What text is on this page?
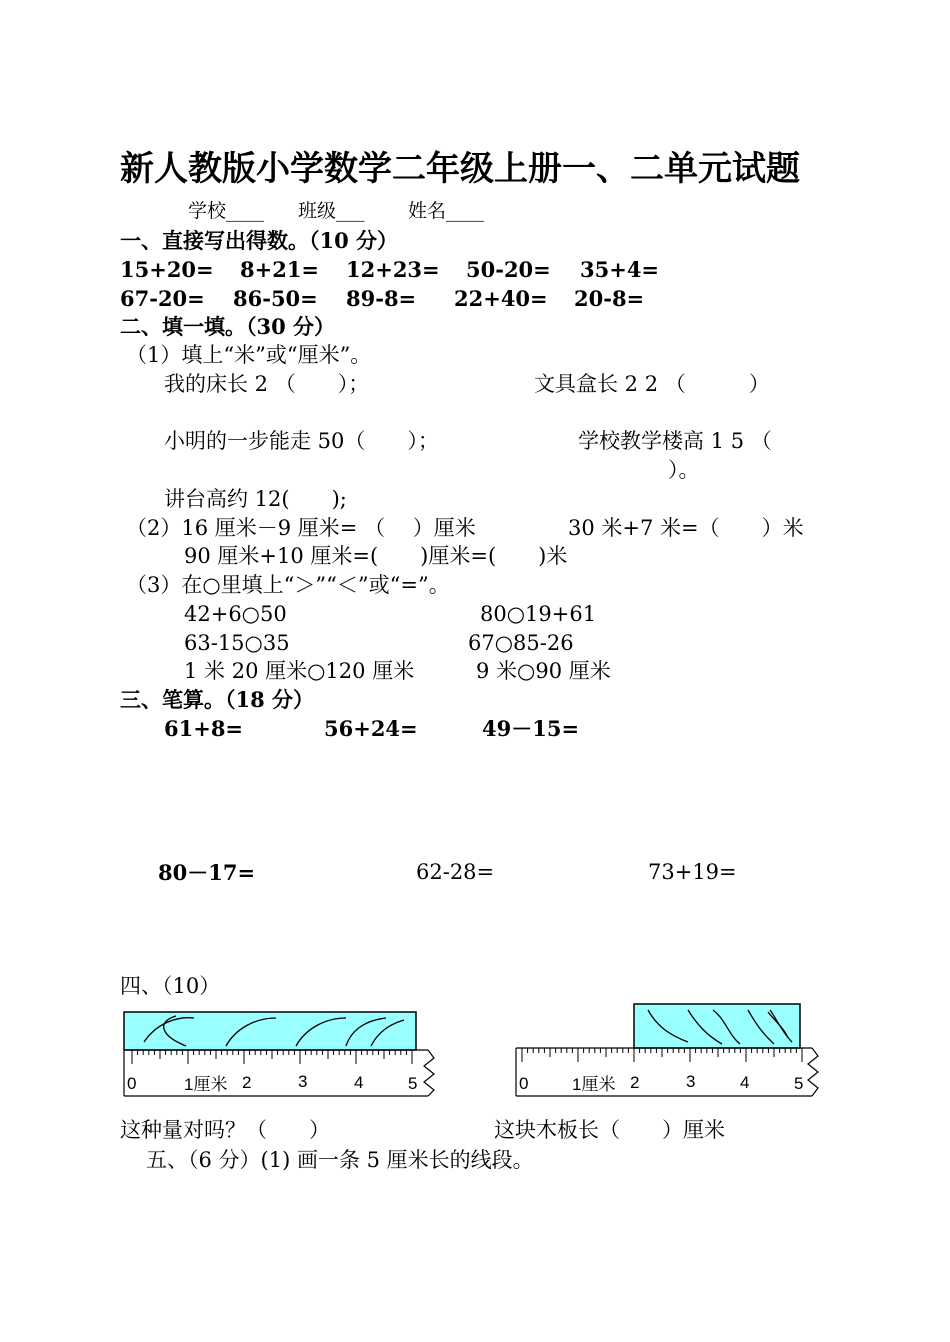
新人教版小学数学二年级上册一、二单元试题
学校____ 班级___ 姓名____
一、直接写出得数。（10 分）
15+20= 8+21= 12+23= 50-20= 35+4=
67-20= 86-50= 89-8= 22+40= 20-8=
二、填一填。（30 分）
（1）填上“米”或“厘米”。
我的床长 2 （　　）；	文具盒长 2 2 （　　　）
小明的一步能走 50（　　）；	学校教学楼高 1 5 （
）。
讲台高约 12(　　);
（2）16 厘米－9 厘米= （　 ）厘米	30 米+7 米=（　　）米
90 厘米+10 厘米=(　　)厘米=(　　)米
（3）在○里填上“＞”“＜”或“=”。
42+6○50	80○19+61
63-15○35	67○85-26
1 米 20 厘米○120 厘米	9 米○90 厘米
三、笔算。（18 分）
61+8=	56+24=	49－15=
80－17=	62-28=	73+19=
四、（10）
0	1厘米 2	3	4	5	0	1厘米 2	3	4	5
这种量对吗？（　　）	这块木板长（　　）厘米
五、（6 分）(1) 画一条 5 厘米长的线段。
